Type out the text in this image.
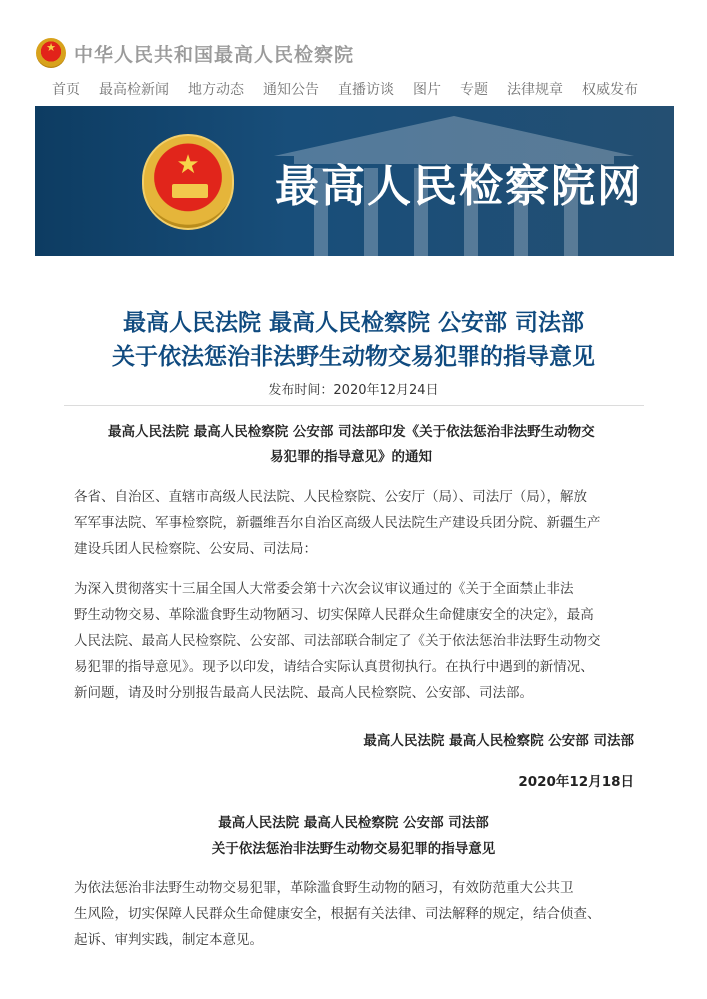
★
中华人民共和国最高人民检察院
首页 最高检新闻 地方动态 通知公告 直播访谈 图片 专题 法律规章 权威发布
★	最高人民检察院网
最高人民法院 最高人民检察院 公安部 司法部
关于依法惩治非法野生动物交易犯罪的指导意见
发布时间：2020年12月24日
最高人民法院 最高人民检察院 公安部 司法部印发《关于依法惩治非法野生动物交
易犯罪的指导意见》的通知
各省、自治区、直辖市高级人民法院、人民检察院、公安厅（局）、司法厅（局），解放
军军事法院、军事检察院，新疆维吾尔自治区高级人民法院生产建设兵团分院、新疆生产
建设兵团人民检察院、公安局、司法局：
为深入贯彻落实十三届全国人大常委会第十六次会议审议通过的《关于全面禁止非法
野生动物交易、革除滥食野生动物陋习、切实保障人民群众生命健康安全的决定》，最高
人民法院、最高人民检察院、公安部、司法部联合制定了《关于依法惩治非法野生动物交
易犯罪的指导意见》。现予以印发，请结合实际认真贯彻执行。在执行中遇到的新情况、
新问题，请及时分别报告最高人民法院、最高人民检察院、公安部、司法部。
最高人民法院 最高人民检察院 公安部 司法部
2020年12月18日
最高人民法院 最高人民检察院 公安部 司法部
关于依法惩治非法野生动物交易犯罪的指导意见
为依法惩治非法野生动物交易犯罪，革除滥食野生动物的陋习，有效防范重大公共卫
生风险，切实保障人民群众生命健康安全，根据有关法律、司法解释的规定，结合侦查、
起诉、审判实践，制定本意见。
